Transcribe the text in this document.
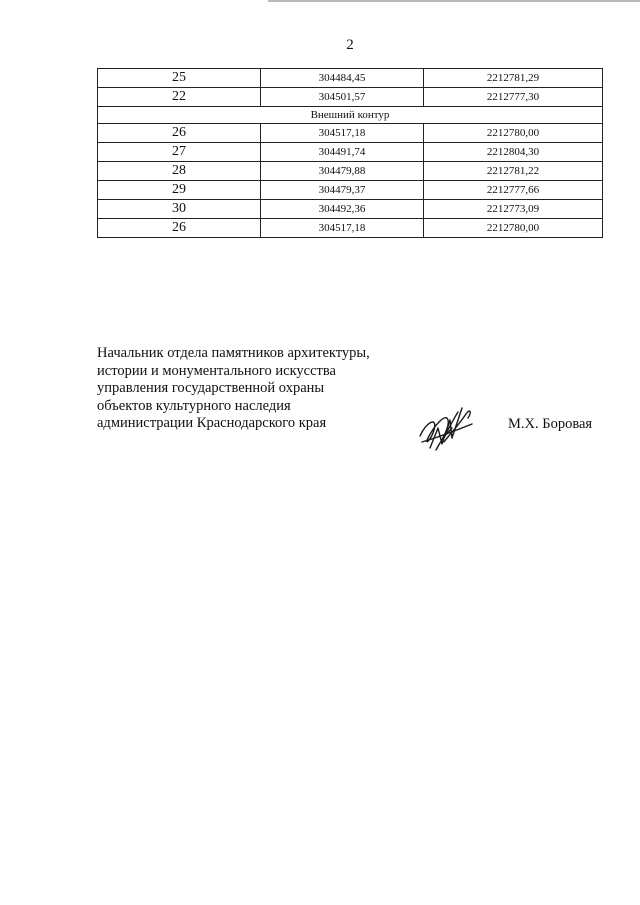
2
25	304484,45	2212781,29
22	304501,57	2212777,30
Внешний контур		
26	304517,18	2212780,00
27	304491,74	2212804,30
28	304479,88	2212781,22
29	304479,37	2212777,66
30	304492,36	2212773,09
26	304517,18	2212780,00
Начальник отдела памятников архитектуры,
истории и монументального искусства
управления государственной охраны
объектов культурного наследия
администрации Краснодарского края	М.Х. Боровая
